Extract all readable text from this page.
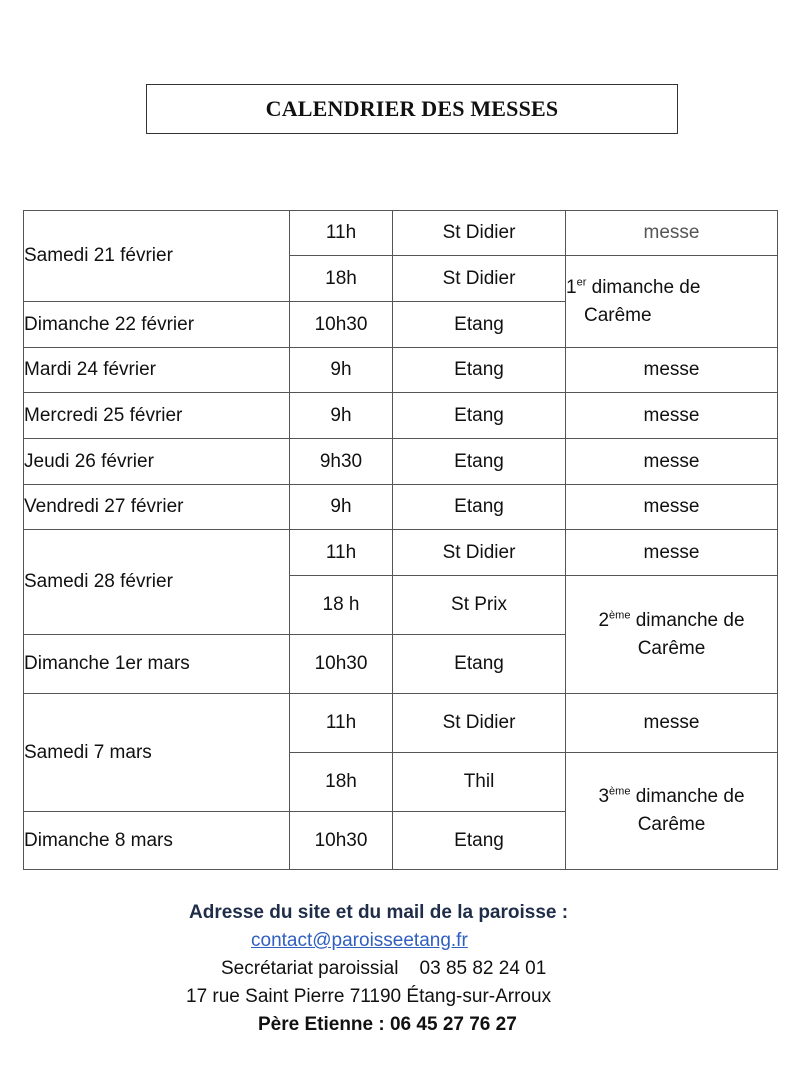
CALENDRIER DES MESSES
Samedi 21 février	11h	St Didier	messe
	18h	St Didier	1er dimanche de
Carême
Dimanche 22 février	10h30	Etang	
Mardi 24 février	9h	Etang	messe
Mercredi 25 février	9h	Etang	messe
Jeudi 26 février	9h30	Etang	messe
Vendredi 27 février	9h	Etang	messe
Samedi 28 février	11h	St Didier	messe
	18 h	St Prix	2ème dimanche de
Carême
Dimanche 1er mars	10h30	Etang	
Samedi 7 mars	11h	St Didier	messe
	18h	Thil	3ème dimanche de
Carême
Dimanche 8 mars	10h30	Etang	
Adresse du site et du mail de la paroisse :
contact@paroisseetang.fr
Secrétariat paroissial    03 85 82 24 01
17 rue Saint Pierre 71190 Étang-sur-Arroux
Père Etienne : 06 45 27 76 27
